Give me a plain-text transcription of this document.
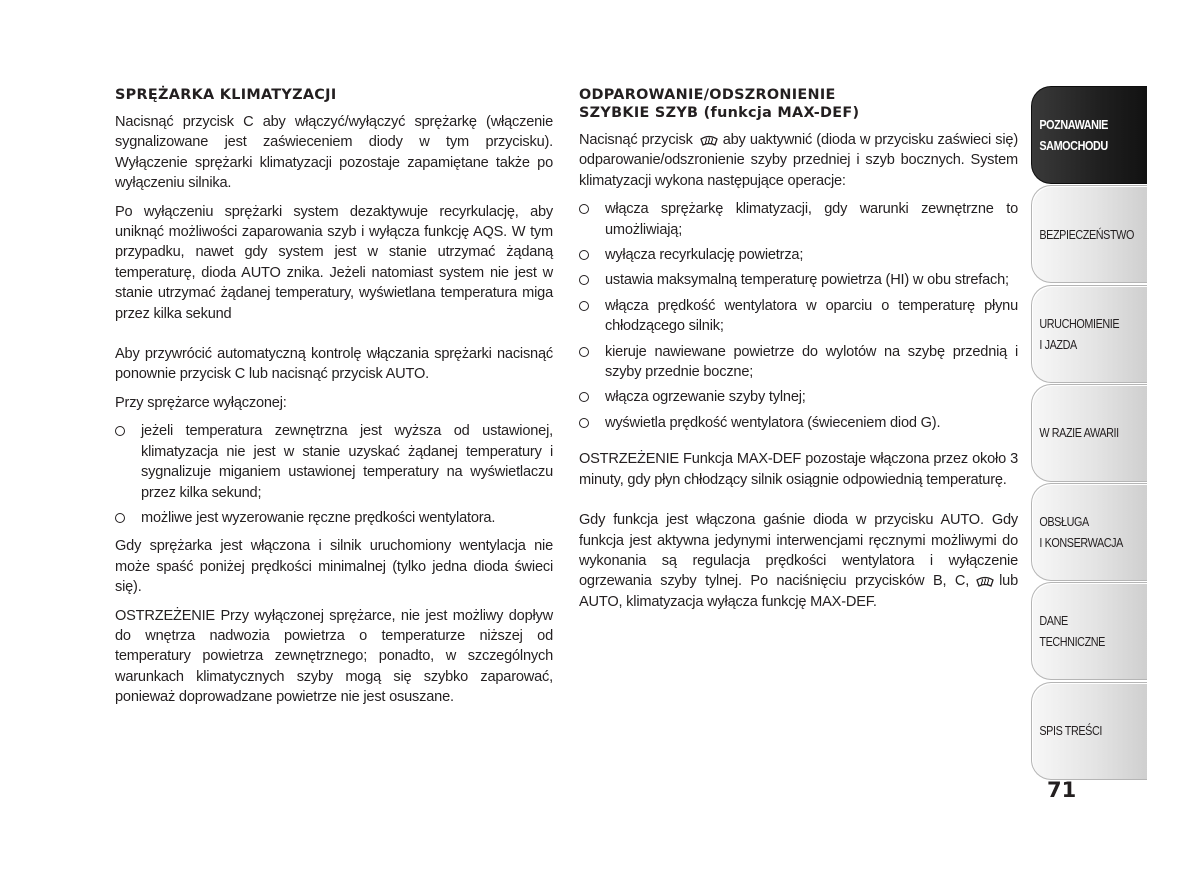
SPRĘŻARKA KLIMATYZACJI

Nacisnąć przycisk C aby włączyć/wyłączyć sprężarkę (włączenie sygnalizowane jest zaświeceniem diody w tym przycisku). Wyłączenie sprężarki klimatyzacji pozostaje zapamiętane także po wyłączeniu silnika.

Po wyłączeniu sprężarki system dezaktywuje recyrkulację, aby uniknąć możliwości zaparowania szyb i wyłącza funkcję AQS. W tym przypadku, nawet gdy system jest w stanie utrzymać żądaną temperaturę, dioda AUTO znika. Jeżeli natomiast system nie jest w stanie utrzymać żądanej temperatury, wyświetlana temperatura miga przez kilka sekund

Aby przywrócić automatyczną kontrolę włączania sprężarki nacisnąć ponownie przycisk C lub nacisnąć przycisk AUTO.

Przy sprężarce wyłączonej:

jeżeli temperatura zewnętrzna jest wyższa od ustawionej, klimatyzacja nie jest w stanie uzyskać żądanej temperatury i sygnalizuje miganiem ustawionej temperatury na wyświetlaczu przez kilka sekund;
możliwe jest wyzerowanie ręczne prędkości wentylatora.

Gdy sprężarka jest włączona i silnik uruchomiony wentylacja nie może spaść poniżej prędkości minimalnej (tylko jedna dioda świeci się).

OSTRZEŻENIE Przy wyłączonej sprężarce, nie jest możliwy dopływ do wnętrza nadwozia powietrza o temperaturze niższej od temperatury powietrza zewnętrznego; ponadto, w szczególnych warunkach klimatycznych szyby mogą się szybko zaparować, ponieważ doprowadzane powietrze nie jest osuszane.

ODPAROWANIE/ODSZRONIENIE
SZYBKIE SZYB (funkcja MAX-DEF)

Nacisnąć przycisk aby uaktywnić (dioda w przycisku zaświeci się) odparowanie/odszronienie szyby przedniej i szyb bocznych. System klimatyzacji wykona następujące operacje:

włącza sprężarkę klimatyzacji, gdy warunki zewnętrzne to umożliwiają;
wyłącza recyrkulację powietrza;
ustawia maksymalną temperaturę powietrza (HI) w obu strefach;
włącza prędkość wentylatora w oparciu o temperaturę płynu chłodzącego silnik;
kieruje nawiewane powietrze do wylotów na szybę przednią i szyby przednie boczne;
włącza ogrzewanie szyby tylnej;
wyświetla prędkość wentylatora (świeceniem diod G).

OSTRZEŻENIE Funkcja MAX-DEF pozostaje włączona przez około 3 minuty, gdy płyn chłodzący silnik osiągnie odpowiednią temperaturę.

Gdy funkcja jest włączona gaśnie dioda w przycisku AUTO. Gdy funkcja jest aktywna jedynymi interwencjami ręcznymi możliwymi do wykonania są regulacja prędkości wentylatora i wyłączenie ogrzewania szyby tylnej. Po naciśnięciu przycisków B, C, lub AUTO, klimatyzacja wyłącza funkcję MAX-DEF.

POZNAWANIE
SAMOCHODU
BEZPIECZEŃSTWO
URUCHOMIENIE
I JAZDA
W RAZIE AWARII
OBSŁUGA
I KONSERWACJA
DANE
TECHNICZNE
SPIS TREŚCI
71
